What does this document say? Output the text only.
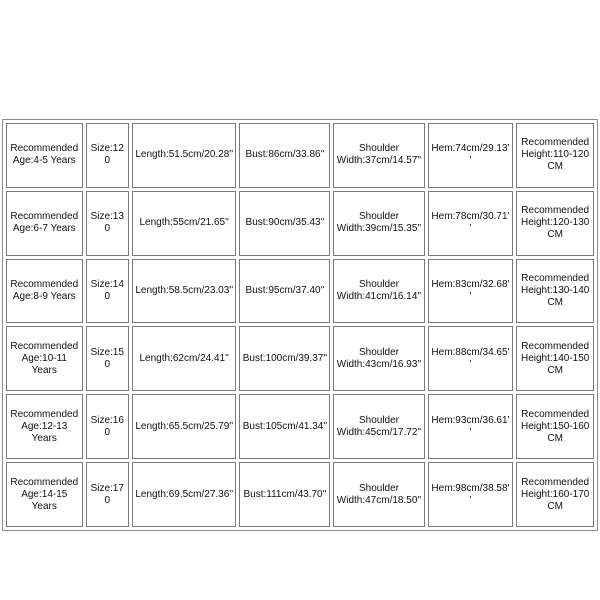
Recommended Age:4-5 Years	Size:120	Length:51.5cm/20.28''	Bust:86cm/33.86''	Shoulder Width:37cm/14.57''	Hem:74cm/29.13''	Recommended Height:110-120 CM
Recommended Age:6-7 Years	Size:130	Length:55cm/21.65''	Bust:90cm/35.43''	Shoulder Width:39cm/15.35''	Hem:78cm/30.71''	Recommended Height:120-130 CM
Recommended Age:8-9 Years	Size:140	Length:58.5cm/23.03''	Bust:95cm/37.40''	Shoulder Width:41cm/16.14''	Hem:83cm/32.68''	Recommended Height:130-140 CM
Recommended Age:10-11 Years	Size:150	Length:62cm/24.41''	Bust:100cm/39.37''	Shoulder Width:43cm/16.93''	Hem:88cm/34.65''	Recommended Height:140-150 CM
Recommended Age:12-13 Years	Size:160	Length:65.5cm/25.79''	Bust:105cm/41.34''	Shoulder Width:45cm/17.72''	Hem:93cm/36.61''	Recommended Height:150-160 CM
Recommended Age:14-15 Years	Size:170	Length:69.5cm/27.36''	Bust:111cm/43.70''	Shoulder Width:47cm/18.50''	Hem:98cm/38.58''	Recommended Height:160-170 CM
